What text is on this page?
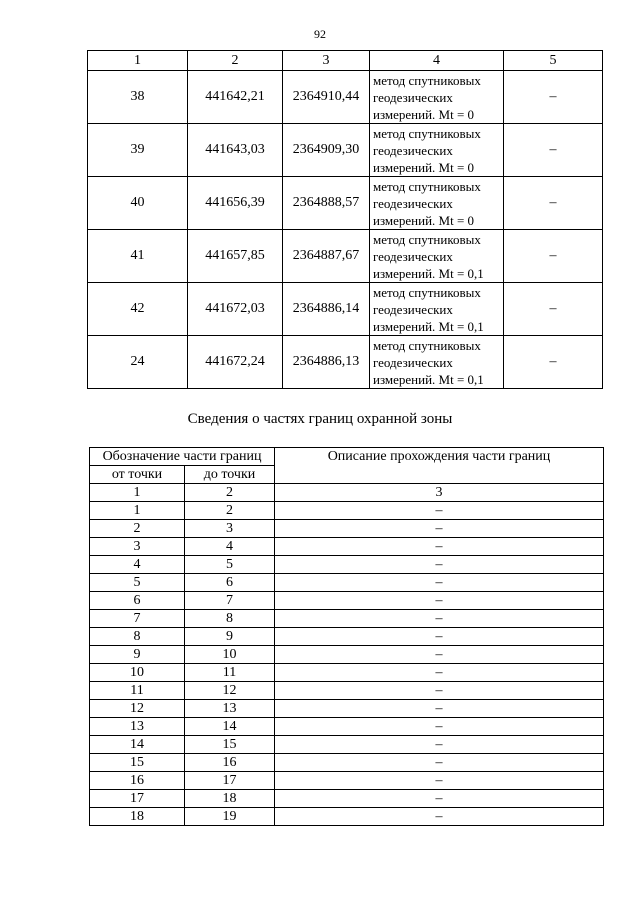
92
1	2	3	4	5
38	441642,21	2364910,44	метод спутниковых
геодезических
измерений. Mt = 0	–
39	441643,03	2364909,30	метод спутниковых
геодезических
измерений. Mt = 0	–
40	441656,39	2364888,57	метод спутниковых
геодезических
измерений. Mt = 0	–
41	441657,85	2364887,67	метод спутниковых
геодезических
измерений. Mt = 0,1	–
42	441672,03	2364886,14	метод спутниковых
геодезических
измерений. Mt = 0,1	–
24	441672,24	2364886,13	метод спутниковых
геодезических
измерений. Mt = 0,1	–
Сведения о частях границ охранной зоны
Обозначение части границ		Описание прохождения части границ
от точки	до точки	
1	2	3
1	2	–
2	3	–
3	4	–
4	5	–
5	6	–
6	7	–
7	8	–
8	9	–
9	10	–
10	11	–
11	12	–
12	13	–
13	14	–
14	15	–
15	16	–
16	17	–
17	18	–
18	19	–
